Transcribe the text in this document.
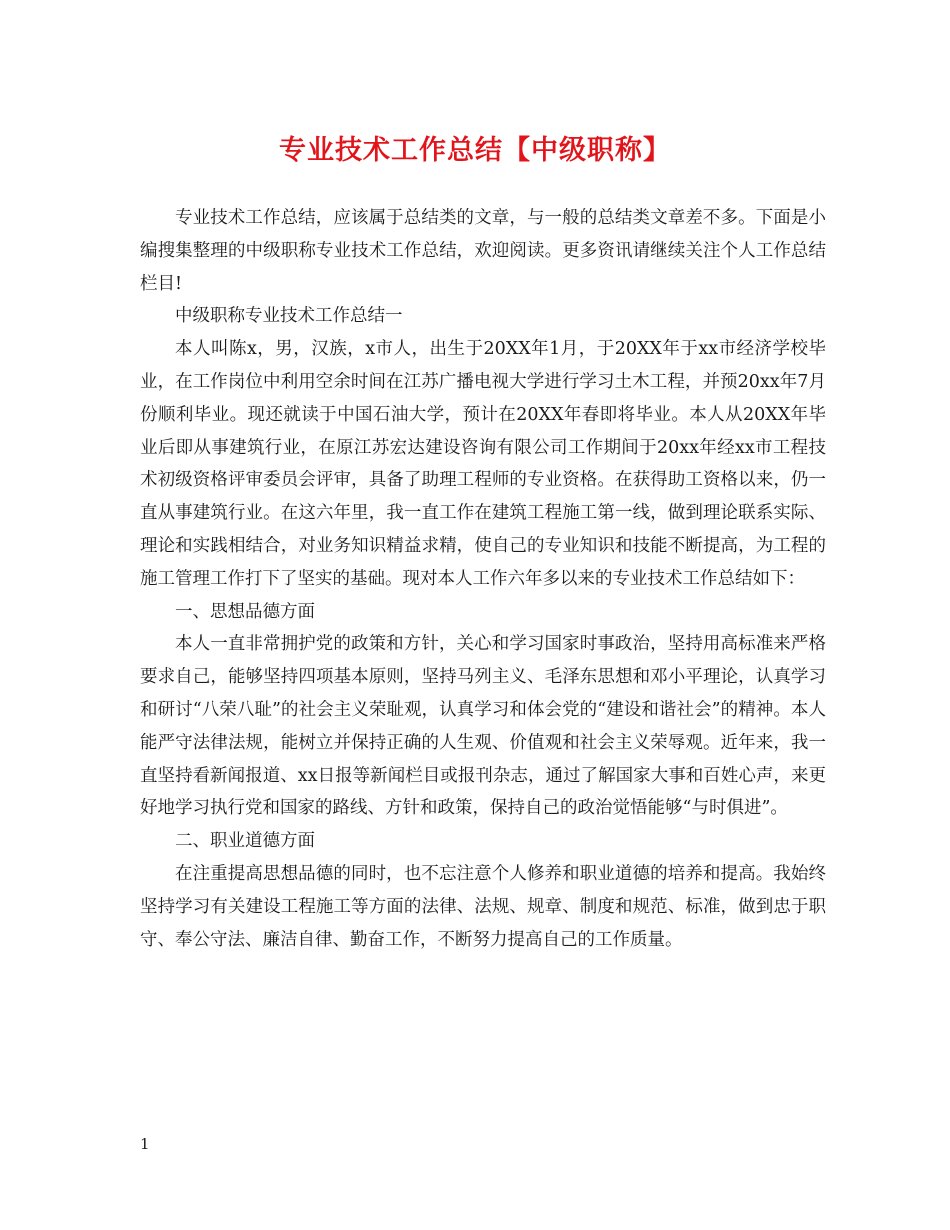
专业技术工作总结【中级职称】

专业技术工作总结，应该属于总结类的文章，与一般的总结类文章差不多。下面是小编搜集整理的中级职称专业技术工作总结，欢迎阅读。更多资讯请继续关注个人工作总结栏目!

中级职称专业技术工作总结一

本人叫陈x，男，汉族，x市人，出生于20XX年1月，于20XX年于xx市经济学校毕业，在工作岗位中利用空余时间在江苏广播电视大学进行学习土木工程，并预20xx年7月份顺利毕业。现还就读于中国石油大学，预计在20XX年春即将毕业。本人从20XX年毕业后即从事建筑行业，在原江苏宏达建设咨询有限公司工作期间于20xx年经xx市工程技术初级资格评审委员会评审，具备了助理工程师的专业资格。在获得助工资格以来，仍一直从事建筑行业。在这六年里，我一直工作在建筑工程施工第一线，做到理论联系实际、理论和实践相结合，对业务知识精益求精，使自己的专业知识和技能不断提高，为工程的施工管理工作打下了坚实的基础。现对本人工作六年多以来的专业技术工作总结如下：

一、思想品德方面

本人一直非常拥护党的政策和方针，关心和学习国家时事政治，坚持用高标准来严格要求自己，能够坚持四项基本原则，坚持马列主义、毛泽东思想和邓小平理论，认真学习和研讨“八荣八耻”的社会主义荣耻观，认真学习和体会党的“建设和谐社会”的精神。本人能严守法律法规，能树立并保持正确的人生观、价值观和社会主义荣辱观。近年来，我一直坚持看新闻报道、xx日报等新闻栏目或报刊杂志，通过了解国家大事和百姓心声，来更好地学习执行党和国家的路线、方针和政策，保持自己的政治觉悟能够“与时俱进”。

二、职业道德方面

在注重提高思想品德的同时，也不忘注意个人修养和职业道德的培养和提高。我始终坚持学习有关建设工程施工等方面的法律、法规、规章、制度和规范、标准，做到忠于职守、奉公守法、廉洁自律、勤奋工作，不断努力提高自己的工作质量。

1
